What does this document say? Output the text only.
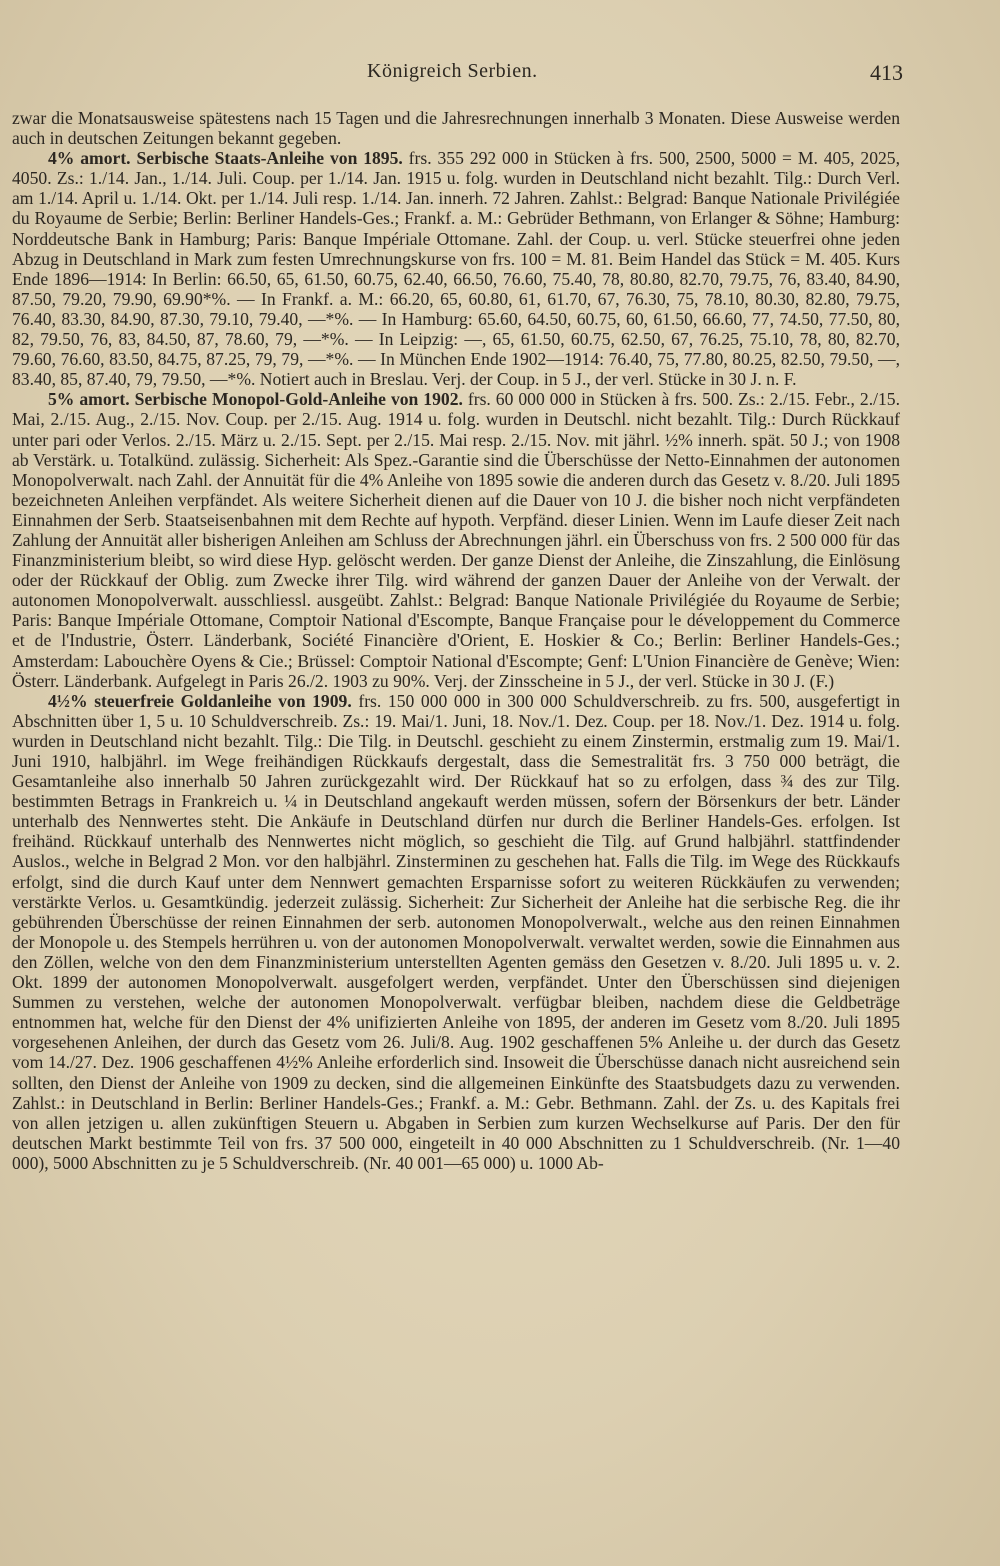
Königreich Serbien.	413

zwar die Monatsausweise spätestens nach 15 Tagen und die Jahresrechnungen innerhalb 3 Monaten. Diese Ausweise werden auch in deutschen Zeitungen bekannt gegeben.

4% amort. Serbische Staats-Anleihe von 1895. frs. 355 292 000 in Stücken à frs. 500, 2500, 5000 = M. 405, 2025, 4050. Zs.: 1./14. Jan., 1./14. Juli. Coup. per 1./14. Jan. 1915 u. folg. wurden in Deutschland nicht bezahlt. Tilg.: Durch Verl. am 1./14. April u. 1./14. Okt. per 1./14. Juli resp. 1./14. Jan. innerh. 72 Jahren. Zahlst.: Belgrad: Banque Nationale Privilégiée du Royaume de Serbie; Berlin: Berliner Handels-Ges.; Frankf. a. M.: Gebrüder Bethmann, von Erlanger & Söhne; Hamburg: Norddeutsche Bank in Hamburg; Paris: Banque Impériale Ottomane. Zahl. der Coup. u. verl. Stücke steuerfrei ohne jeden Abzug in Deutschland in Mark zum festen Umrechnungskurse von frs. 100 = M. 81. Beim Handel das Stück = M. 405. Kurs Ende 1896—1914: In Berlin: 66.50, 65, 61.50, 60.75, 62.40, 66.50, 76.60, 75.40, 78, 80.80, 82.70, 79.75, 76, 83.40, 84.90, 87.50, 79.20, 79.90, 69.90*%. — In Frankf. a. M.: 66.20, 65, 60.80, 61, 61.70, 67, 76.30, 75, 78.10, 80.30, 82.80, 79.75, 76.40, 83.30, 84.90, 87.30, 79.10, 79.40, —*%. — In Hamburg: 65.60, 64.50, 60.75, 60, 61.50, 66.60, 77, 74.50, 77.50, 80, 82, 79.50, 76, 83, 84.50, 87, 78.60, 79, —*%. — In Leipzig: —, 65, 61.50, 60.75, 62.50, 67, 76.25, 75.10, 78, 80, 82.70, 79.60, 76.60, 83.50, 84.75, 87.25, 79, 79, —*%. — In München Ende 1902—1914: 76.40, 75, 77.80, 80.25, 82.50, 79.50, —, 83.40, 85, 87.40, 79, 79.50, —*%. Notiert auch in Breslau. Verj. der Coup. in 5 J., der verl. Stücke in 30 J. n. F.

5% amort. Serbische Monopol-Gold-Anleihe von 1902. frs. 60 000 000 in Stücken à frs. 500. Zs.: 2./15. Febr., 2./15. Mai, 2./15. Aug., 2./15. Nov. Coup. per 2./15. Aug. 1914 u. folg. wurden in Deutschl. nicht bezahlt. Tilg.: Durch Rückkauf unter pari oder Verlos. 2./15. März u. 2./15. Sept. per 2./15. Mai resp. 2./15. Nov. mit jährl. ½% innerh. spät. 50 J.; von 1908 ab Verstärk. u. Totalkünd. zulässig. Sicherheit: Als Spez.-Garantie sind die Überschüsse der Netto-Einnahmen der autonomen Monopolverwalt. nach Zahl. der Annuität für die 4% Anleihe von 1895 sowie die anderen durch das Gesetz v. 8./20. Juli 1895 bezeichneten Anleihen verpfändet. Als weitere Sicherheit dienen auf die Dauer von 10 J. die bisher noch nicht verpfändeten Einnahmen der Serb. Staatseisenbahnen mit dem Rechte auf hypoth. Verpfänd. dieser Linien. Wenn im Laufe dieser Zeit nach Zahlung der Annuität aller bisherigen Anleihen am Schluss der Abrechnungen jährl. ein Überschuss von frs. 2 500 000 für das Finanzministerium bleibt, so wird diese Hyp. gelöscht werden. Der ganze Dienst der Anleihe, die Zinszahlung, die Einlösung oder der Rückkauf der Oblig. zum Zwecke ihrer Tilg. wird während der ganzen Dauer der Anleihe von der Verwalt. der autonomen Monopolverwalt. ausschliessl. ausgeübt. Zahlst.: Belgrad: Banque Nationale Privilégiée du Royaume de Serbie; Paris: Banque Impériale Ottomane, Comptoir National d'Escompte, Banque Française pour le développement du Commerce et de l'Industrie, Österr. Länderbank, Société Financière d'Orient, E. Hoskier & Co.; Berlin: Berliner Handels-Ges.; Amsterdam: Labouchère Oyens & Cie.; Brüssel: Comptoir National d'Escompte; Genf: L'Union Financière de Genève; Wien: Österr. Länderbank. Aufgelegt in Paris 26./2. 1903 zu 90%. Verj. der Zinsscheine in 5 J., der verl. Stücke in 30 J. (F.)

4½% steuerfreie Goldanleihe von 1909. frs. 150 000 000 in 300 000 Schuldverschreib. zu frs. 500, ausgefertigt in Abschnitten über 1, 5 u. 10 Schuldverschreib. Zs.: 19. Mai/1. Juni, 18. Nov./1. Dez. Coup. per 18. Nov./1. Dez. 1914 u. folg. wurden in Deutschland nicht bezahlt. Tilg.: Die Tilg. in Deutschl. geschieht zu einem Zinstermin, erstmalig zum 19. Mai/1. Juni 1910, halbjährl. im Wege freihändigen Rückkaufs dergestalt, dass die Semestralität frs. 3 750 000 beträgt, die Gesamtanleihe also innerhalb 50 Jahren zurückgezahlt wird. Der Rückkauf hat so zu erfolgen, dass ¾ des zur Tilg. bestimmten Betrags in Frankreich u. ¼ in Deutschland angekauft werden müssen, sofern der Börsenkurs der betr. Länder unterhalb des Nennwertes steht. Die Ankäufe in Deutschland dürfen nur durch die Berliner Handels-Ges. erfolgen. Ist freihänd. Rückkauf unterhalb des Nennwertes nicht möglich, so geschieht die Tilg. auf Grund halbjährl. stattfindender Auslos., welche in Belgrad 2 Mon. vor den halbjährl. Zinsterminen zu geschehen hat. Falls die Tilg. im Wege des Rückkaufs erfolgt, sind die durch Kauf unter dem Nennwert gemachten Ersparnisse sofort zu weiteren Rückkäufen zu verwenden; verstärkte Verlos. u. Gesamtkündig. jederzeit zulässig. Sicherheit: Zur Sicherheit der Anleihe hat die serbische Reg. die ihr gebührenden Überschüsse der reinen Einnahmen der serb. autonomen Monopolverwalt., welche aus den reinen Einnahmen der Monopole u. des Stempels herrühren u. von der autonomen Monopolverwalt. verwaltet werden, sowie die Einnahmen aus den Zöllen, welche von den dem Finanzministerium unterstellten Agenten gemäss den Gesetzen v. 8./20. Juli 1895 u. v. 2. Okt. 1899 der autonomen Monopolverwalt. ausgefolgert werden, verpfändet. Unter den Überschüssen sind diejenigen Summen zu verstehen, welche der autonomen Monopolverwalt. verfügbar bleiben, nachdem diese die Geldbeträge entnommen hat, welche für den Dienst der 4% unifizierten Anleihe von 1895, der anderen im Gesetz vom 8./20. Juli 1895 vorgesehenen Anleihen, der durch das Gesetz vom 26. Juli/8. Aug. 1902 geschaffenen 5% Anleihe u. der durch das Gesetz vom 14./27. Dez. 1906 geschaffenen 4½% Anleihe erforderlich sind. Insoweit die Überschüsse danach nicht ausreichend sein sollten, den Dienst der Anleihe von 1909 zu decken, sind die allgemeinen Einkünfte des Staatsbudgets dazu zu verwenden. Zahlst.: in Deutschland in Berlin: Berliner Handels-Ges.; Frankf. a. M.: Gebr. Bethmann. Zahl. der Zs. u. des Kapitals frei von allen jetzigen u. allen zukünftigen Steuern u. Abgaben in Serbien zum kurzen Wechselkurse auf Paris. Der den für deutschen Markt bestimmte Teil von frs. 37 500 000, eingeteilt in 40 000 Abschnitten zu 1 Schuldverschreib. (Nr. 1—40 000), 5000 Abschnitten zu je 5 Schuldverschreib. (Nr. 40 001—65 000) u. 1000 Ab-
